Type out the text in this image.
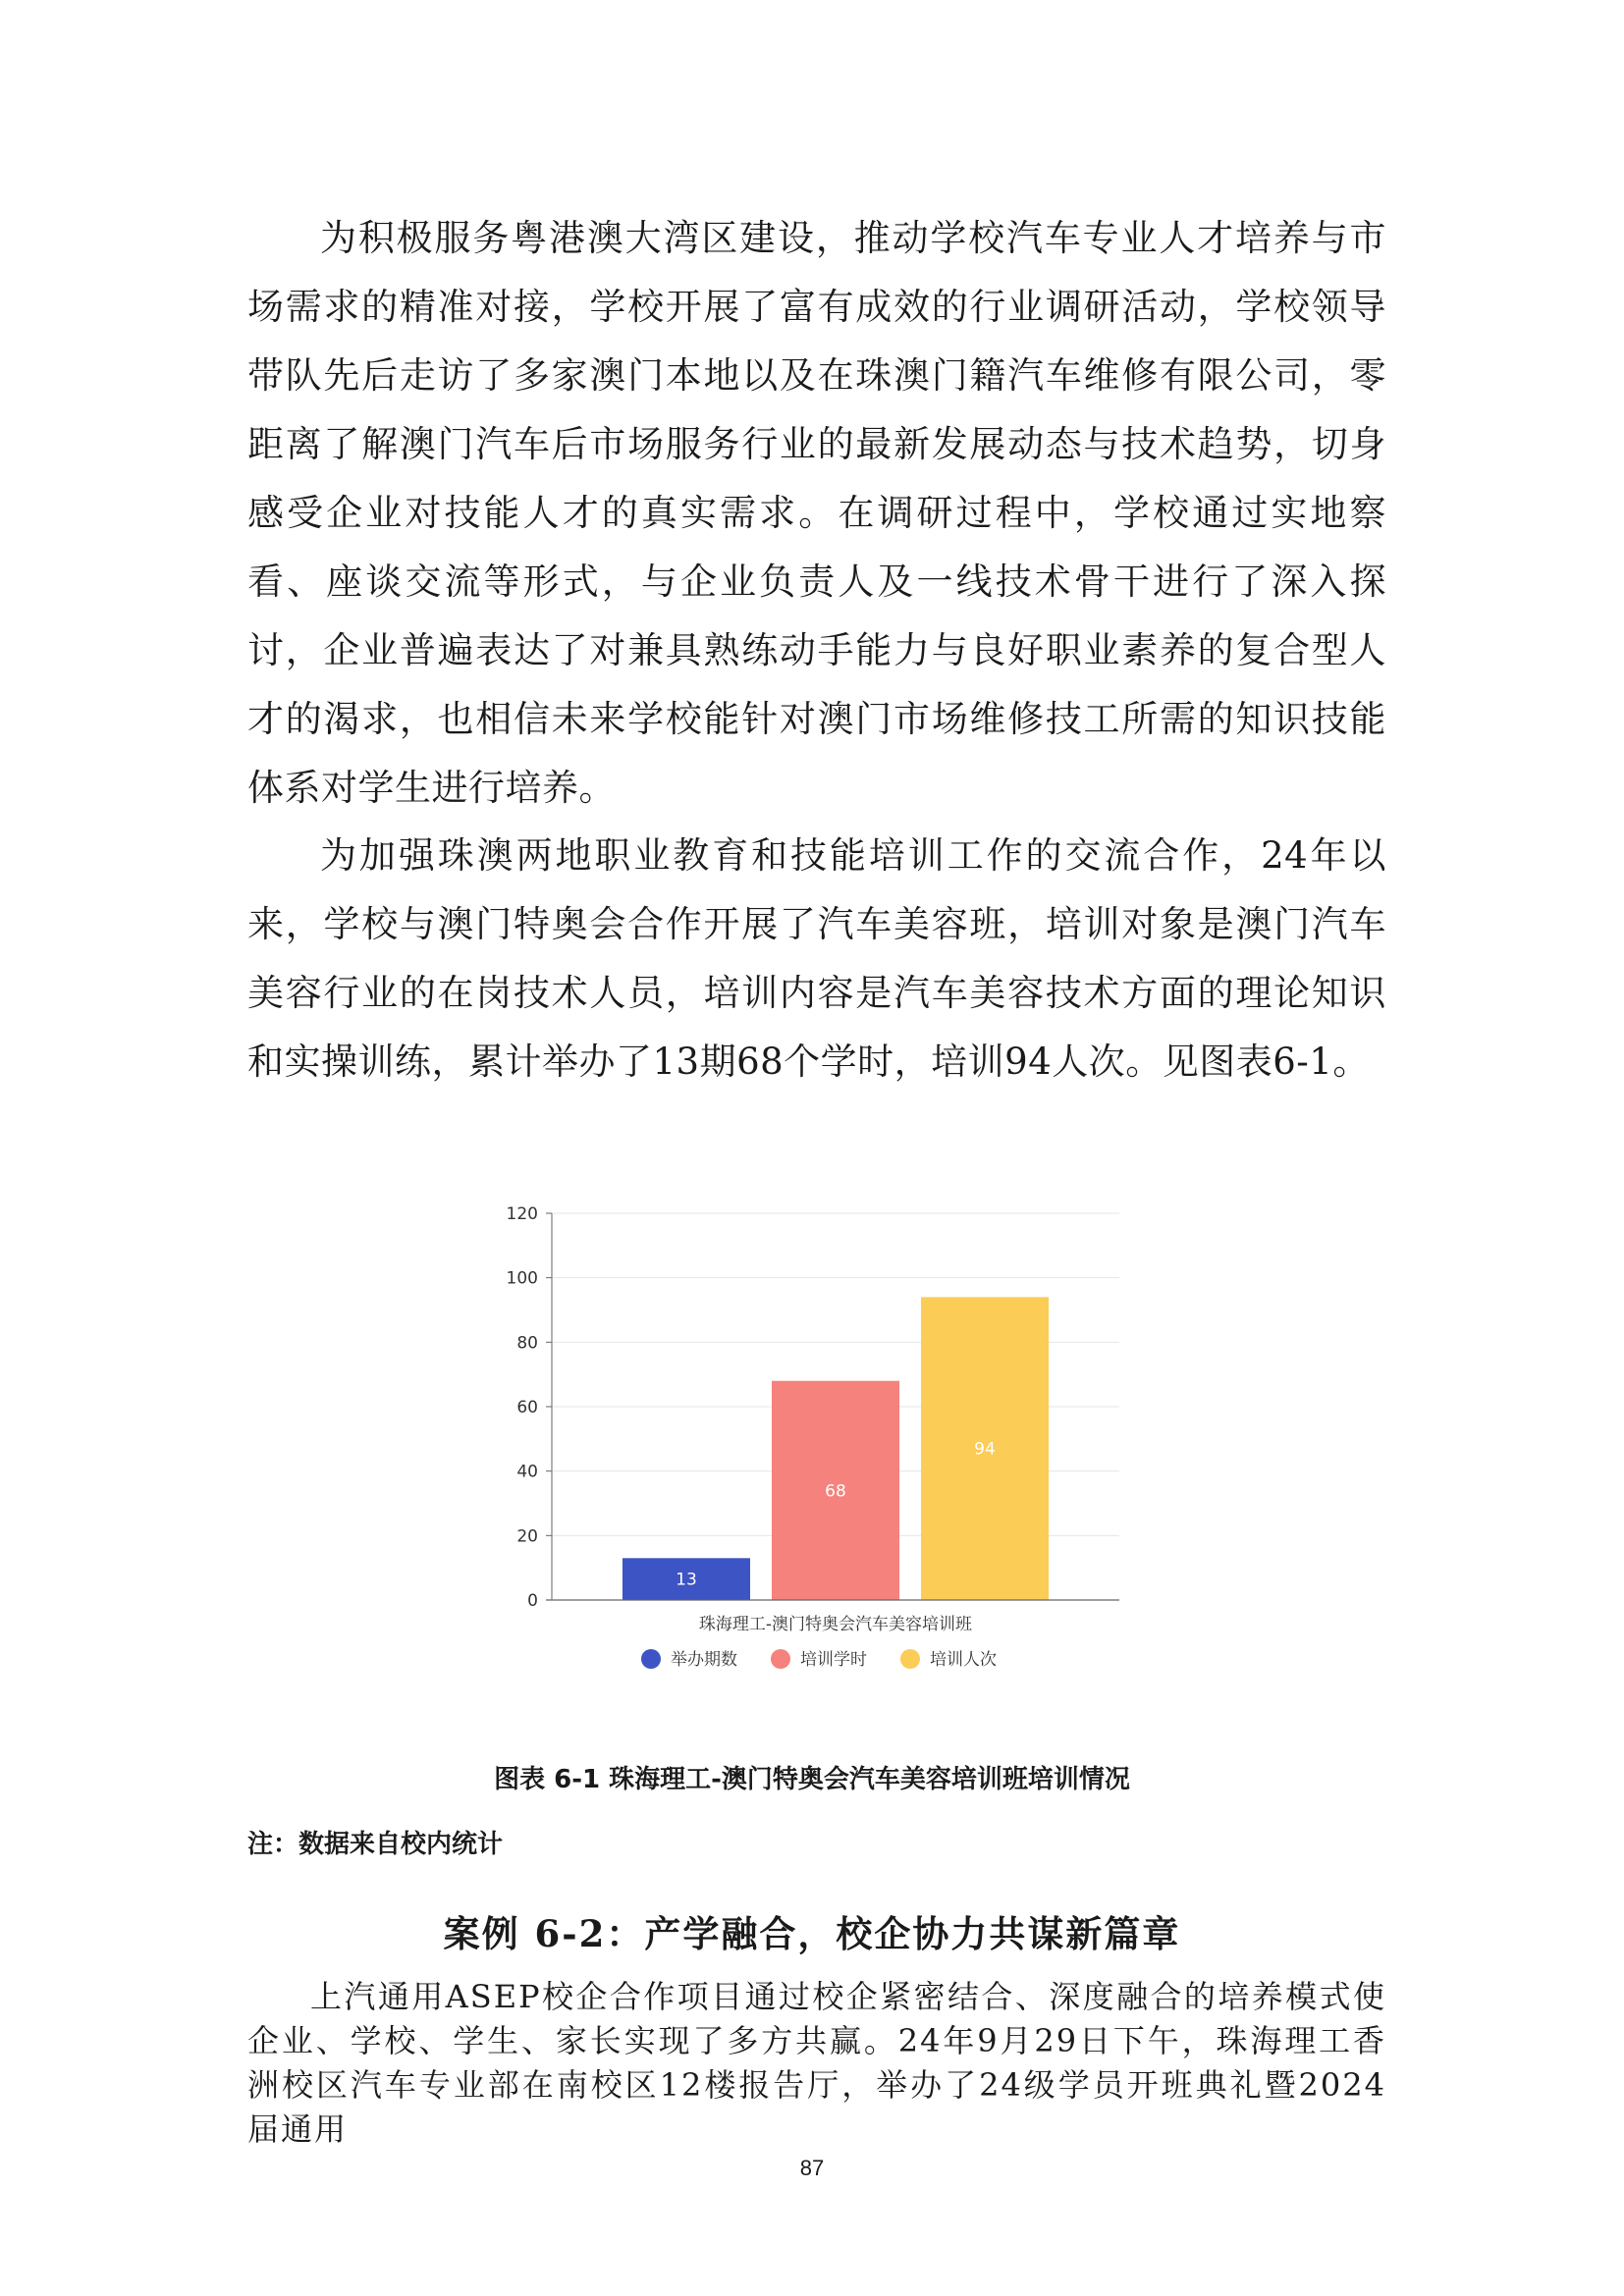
为积极服务粤港澳大湾区建设，推动学校汽车专业人才培养与市场需求的精准对接，学校开展了富有成效的行业调研活动，学校领导带队先后走访了多家澳门本地以及在珠澳门籍汽车维修有限公司，零距离了解澳门汽车后市场服务行业的最新发展动态与技术趋势，切身感受企业对技能人才的真实需求。在调研过程中，学校通过实地察看、座谈交流等形式，与企业负责人及一线技术骨干进行了深入探讨，企业普遍表达了对兼具熟练动手能力与良好职业素养的复合型人才的渴求，也相信未来学校能针对澳门市场维修技工所需的知识技能体系对学生进行培养。

为加强珠澳两地职业教育和技能培训工作的交流合作，24年以来，学校与澳门特奥会合作开展了汽车美容班，培训对象是澳门汽车美容行业的在岗技术人员，培训内容是汽车美容技术方面的理论知识和实操训练，累计举办了13期68个学时，培训94人次。见图表6-1。

0
20
40
60
80
100
120
13
68
94
珠海理工-澳门特奥会汽车美容培训班
举办期数	培训学时	培训人次

图表 6-1 珠海理工-澳门特奥会汽车美容培训班培训情况

注：数据来自校内统计

案例 6-2：产学融合，校企协力共谋新篇章

上汽通用ASEP校企合作项目通过校企紧密结合、深度融合的培养模式使企业、学校、学生、家长实现了多方共赢。24年9月29日下午，珠海理工香洲校区汽车专业部在南校区12楼报告厅，举办了24级学员开班典礼暨2024届通用

87
